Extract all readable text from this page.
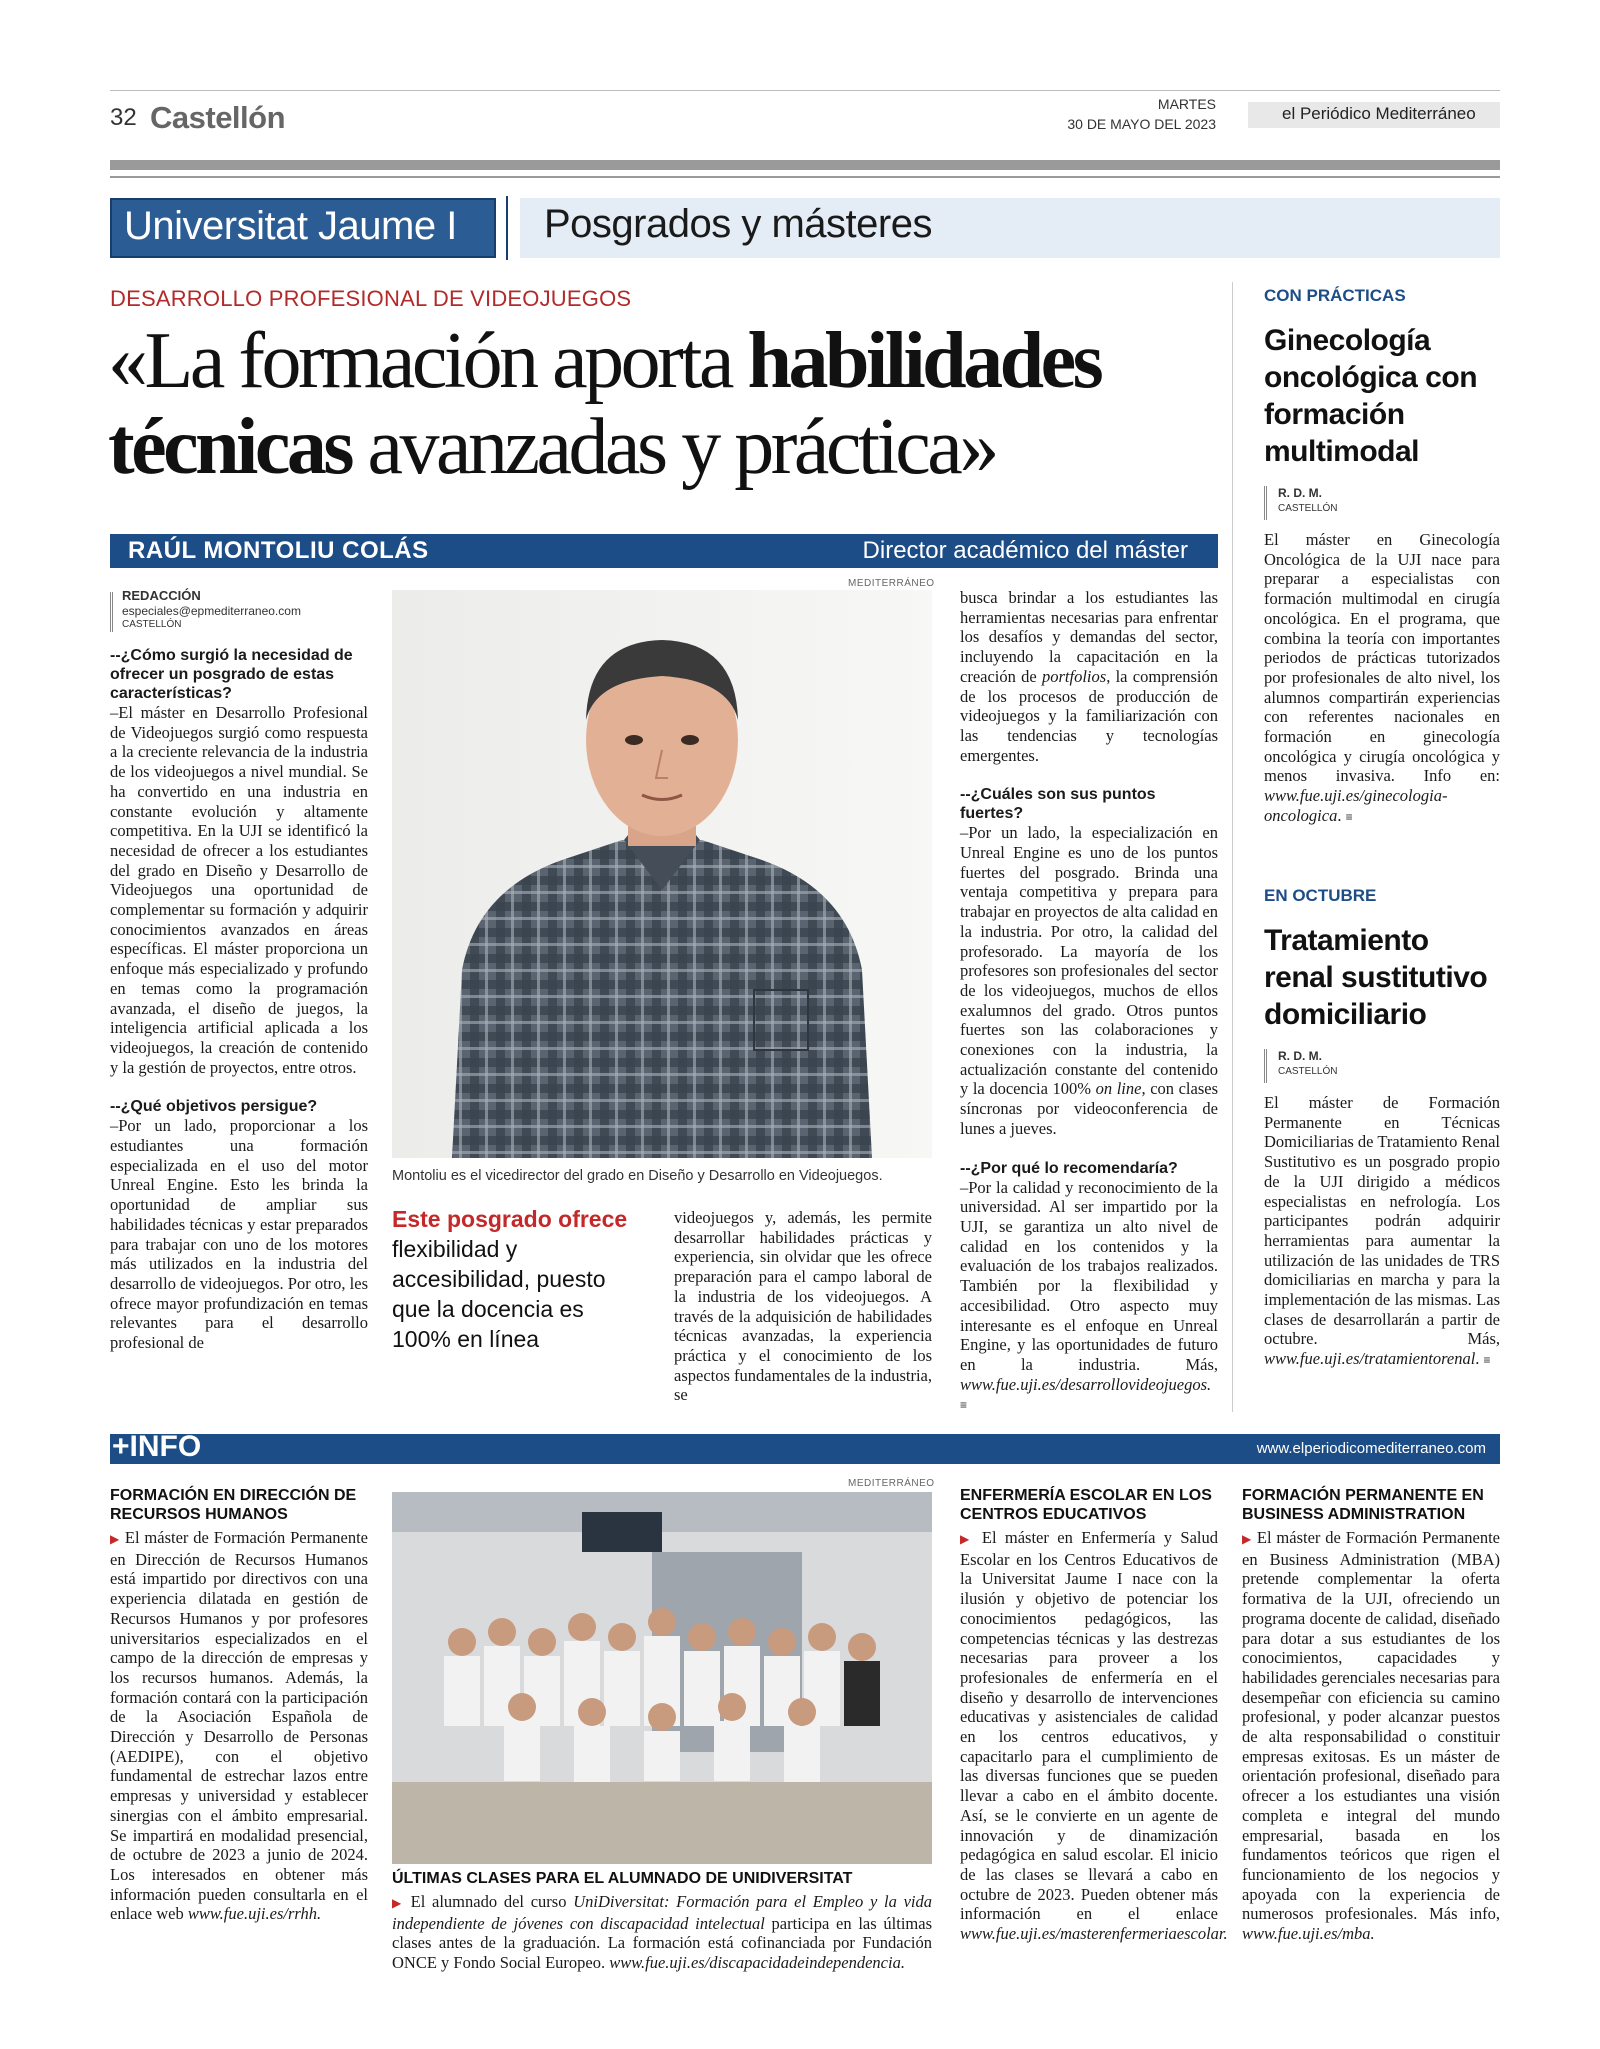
32 Castellón	MARTES
30 DE MAYO DEL 2023
el Periódico Mediterráneo
Universitat Jaume I	Posgrados y másteres
DESARROLLO PROFESIONAL DE VIDEOJUEGOS
«La formación aporta habilidades técnicas avanzadas y práctica»
RAÚL MONTOLIU COLÁS	Director académico del máster
REDACCIÓN
especiales@epmediterraneo.com
CASTELLÓN

--¿Cómo surgió la necesidad de ofrecer un posgrado de estas características?

–El máster en Desarrollo Profesional de Videojuegos surgió como respuesta a la creciente relevancia de la industria de los videojuegos a nivel mundial. Se ha convertido en una industria en constante evolución y altamente competitiva. En la UJI se identificó la necesidad de ofrecer a los estudiantes del grado en Diseño y Desarrollo de Videojuegos una oportunidad de complementar su formación y adquirir conocimientos avanzados en áreas específicas. El máster proporciona un enfoque más especializado y profundo en temas como la programación avanzada, el diseño de juegos, la inteligencia artificial aplicada a los videojuegos, la creación de contenido y la gestión de proyectos, entre otros.

--¿Qué objetivos persigue?

–Por un lado, proporcionar a los estudiantes una formación especializada en el uso del motor Unreal Engine. Esto les brinda la oportunidad de ampliar sus habilidades técnicas y estar preparados para trabajar con uno de los motores más utilizados en la industria del desarrollo de videojuegos. Por otro, les ofrece mayor profundización en temas relevantes para el desarrollo profesional de

MEDITERRÁNEO
Montoliu es el vicedirector del grado en Diseño y Desarrollo en Videojuegos.
Este posgrado ofrece flexibilidad y accesibilidad, puesto que la docencia es 100% en línea

videojuegos y, además, les permite desarrollar habilidades prácticas y experiencia, sin olvidar que les ofrece preparación para el campo laboral de la industria de los videojuegos. A través de la adquisición de habilidades técnicas avanzadas, la experiencia práctica y el conocimiento de los aspectos fundamentales de la industria, se

busca brindar a los estudiantes las herramientas necesarias para enfrentar los desafíos y demandas del sector, incluyendo la capacitación en la creación de portfolios, la comprensión de los procesos de producción de videojuegos y la familiarización con las tendencias y tecnologías emergentes.

--¿Cuáles son sus puntos fuertes?

–Por un lado, la especialización en Unreal Engine es uno de los puntos fuertes del posgrado. Brinda una ventaja competitiva y prepara para trabajar en proyectos de alta calidad en la industria. Por otro, la calidad del profesorado. La mayoría de los profesores son profesionales del sector de los videojuegos, muchos de ellos exalumnos del grado. Otros puntos fuertes son las colaboraciones y conexiones con la industria, la actualización constante del contenido y la docencia 100% on line, con clases síncronas por videoconferencia de lunes a jueves.

--¿Por qué lo recomendaría?

–Por la calidad y reconocimiento de la universidad. Al ser impartido por la UJI, se garantiza un alto nivel de calidad en los contenidos y la evaluación de los trabajos realizados. También por la flexibilidad y accesibilidad. Otro aspecto muy interesante es el enfoque en Unreal Engine, y las oportunidades de futuro en la industria. Más, www.fue.uji.es/desarrollovideojuegos. ≡

CON PRÁCTICAS
Ginecología oncológica con formación multimodal
R. D. M.
CASTELLÓN

El máster en Ginecología Oncológica de la UJI nace para preparar a especialistas con formación multimodal en cirugía oncológica. En el programa, que combina la teoría con importantes periodos de prácticas tutorizados por profesionales de alto nivel, los alumnos compartirán experiencias con referentes nacionales en formación en ginecología oncológica y cirugía oncológica y menos invasiva. Info en: www.fue.uji.es/ginecologia-oncologica. ≡

EN OCTUBRE
Tratamiento renal sustitutivo domiciliario
R. D. M.
CASTELLÓN

El máster de Formación Permanente en Técnicas Domiciliarias de Tratamiento Renal Sustitutivo es un posgrado propio de la UJI dirigido a médicos especialistas en nefrología. Los participantes podrán adquirir herramientas para aumentar la utilización de las unidades de TRS domiciliarias en marcha y para la implementación de las mismas. Las clases de desarrollarán a partir de octubre. Más, www.fue.uji.es/tratamientorenal. ≡

+INFO	www.elperiodicomediterraneo.com
FORMACIÓN EN DIRECCIÓN DE RECURSOS HUMANOS

▶ El máster de Formación Permanente en Dirección de Recursos Humanos está impartido por directivos con una experiencia dilatada en gestión de Recursos Humanos y por profesores universitarios especializados en el campo de la dirección de empresas y los recursos humanos. Además, la formación contará con la participación de la Asociación Española de Dirección y Desarrollo de Personas (AEDIPE), con el objetivo fundamental de estrechar lazos entre empresas y universidad y establecer sinergias con el ámbito empresarial. Se impartirá en modalidad presencial, de octubre de 2023 a junio de 2024. Los interesados en obtener más información pueden consultarla en el enlace web www.fue.uji.es/rrhh.

MEDITERRÁNEO
ÚLTIMAS CLASES PARA EL ALUMNADO DE UNIDIVERSITAT
▶ El alumnado del curso UniDiversitat: Formación para el Empleo y la vida independiente de jóvenes con discapacidad intelectual participa en las últimas clases antes de la graduación. La formación está cofinanciada por Fundación ONCE y Fondo Social Europeo. www.fue.uji.es/discapacidadeindependencia.
ENFERMERÍA ESCOLAR EN LOS CENTROS EDUCATIVOS

▶ El máster en Enfermería y Salud Escolar en los Centros Educativos de la Universitat Jaume I nace con la ilusión y objetivo de potenciar los conocimientos pedagógicos, las competencias técnicas y las destrezas necesarias para proveer a los profesionales de enfermería en el diseño y desarrollo de intervenciones educativas y asistenciales de calidad en los centros educativos, y capacitarlo para el cumplimiento de las diversas funciones que se pueden llevar a cabo en el ámbito docente. Así, se le convierte en un agente de innovación y de dinamización pedagógica en salud escolar. El inicio de las clases se llevará a cabo en octubre de 2023. Pueden obtener más información en el enlace www.fue.uji.es/masterenfermeriaescolar.

FORMACIÓN PERMANENTE EN BUSINESS ADMINISTRATION

▶ El máster de Formación Permanente en Business Administration (MBA) pretende complementar la oferta formativa de la UJI, ofreciendo un programa docente de calidad, diseñado para dotar a sus estudiantes de los conocimientos, capacidades y habilidades gerenciales necesarias para desempeñar con eficiencia su camino profesional, y poder alcanzar puestos de alta responsabilidad o constituir empresas exitosas. Es un máster de orientación profesional, diseñado para ofrecer a los estudiantes una visión completa e integral del mundo empresarial, basada en los fundamentos teóricos que rigen el funcionamiento de los negocios y apoyada con la experiencia de numerosos profesionales. Más info, www.fue.uji.es/mba.
